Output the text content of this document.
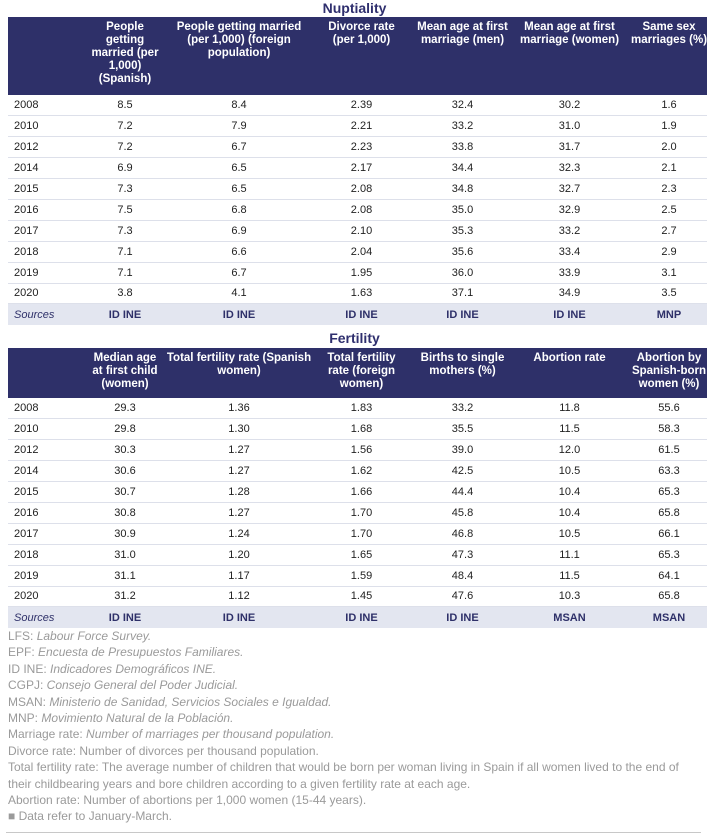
Nuptiality
	People getting married (per 1,000) (Spanish)	People getting married (per 1,000) (foreign population)	Divorce rate (per 1,000)	Mean age at first marriage (men)	Mean age at first marriage (women)	Same sex marriages (%)
2008	8.5	8.4	2.39	32.4	30.2	1.6
2010	7.2	7.9	2.21	33.2	31.0	1.9
2012	7.2	6.7	2.23	33.8	31.7	2.0
2014	6.9	6.5	2.17	34.4	32.3	2.1
2015	7.3	6.5	2.08	34.8	32.7	2.3
2016	7.5	6.8	2.08	35.0	32.9	2.5
2017	7.3	6.9	2.10	35.3	33.2	2.7
2018	7.1	6.6	2.04	35.6	33.4	2.9
2019	7.1	6.7	1.95	36.0	33.9	3.1
2020	3.8	4.1	1.63	37.1	34.9	3.5
Sources	ID INE	ID INE	ID INE	ID INE	ID INE	MNP
Fertility
	Median age at first child (women)	Total fertility rate (Spanish women)	Total fertility rate (foreign women)	Births to single mothers (%)	Abortion rate	Abortion by Spanish-born women (%)
2008	29.3	1.36	1.83	33.2	11.8	55.6
2010	29.8	1.30	1.68	35.5	11.5	58.3
2012	30.3	1.27	1.56	39.0	12.0	61.5
2014	30.6	1.27	1.62	42.5	10.5	63.3
2015	30.7	1.28	1.66	44.4	10.4	65.3
2016	30.8	1.27	1.70	45.8	10.4	65.8
2017	30.9	1.24	1.70	46.8	10.5	66.1
2018	31.0	1.20	1.65	47.3	11.1	65.3
2019	31.1	1.17	1.59	48.4	11.5	64.1
2020	31.2	1.12	1.45	47.6	10.3	65.8
Sources	ID INE	ID INE	ID INE	ID INE	MSAN	MSAN
LFS: Labour Force Survey.
EPF: Encuesta de Presupuestos Familiares.
ID INE: Indicadores Demográficos INE.
CGPJ: Consejo General del Poder Judicial.
MSAN: Ministerio de Sanidad, Servicios Sociales e Igualdad.
MNP: Movimiento Natural de la Población.
Marriage rate: Number of marriages per thousand population.
Divorce rate: Number of divorces per thousand population.
Total fertility rate: The average number of children that would be born per woman living in Spain if all women lived to the end of their childbearing years and bore children according to a given fertility rate at each age.
Abortion rate: Number of abortions per 1,000 women (15-44 years).
■ Data refer to January-March.
